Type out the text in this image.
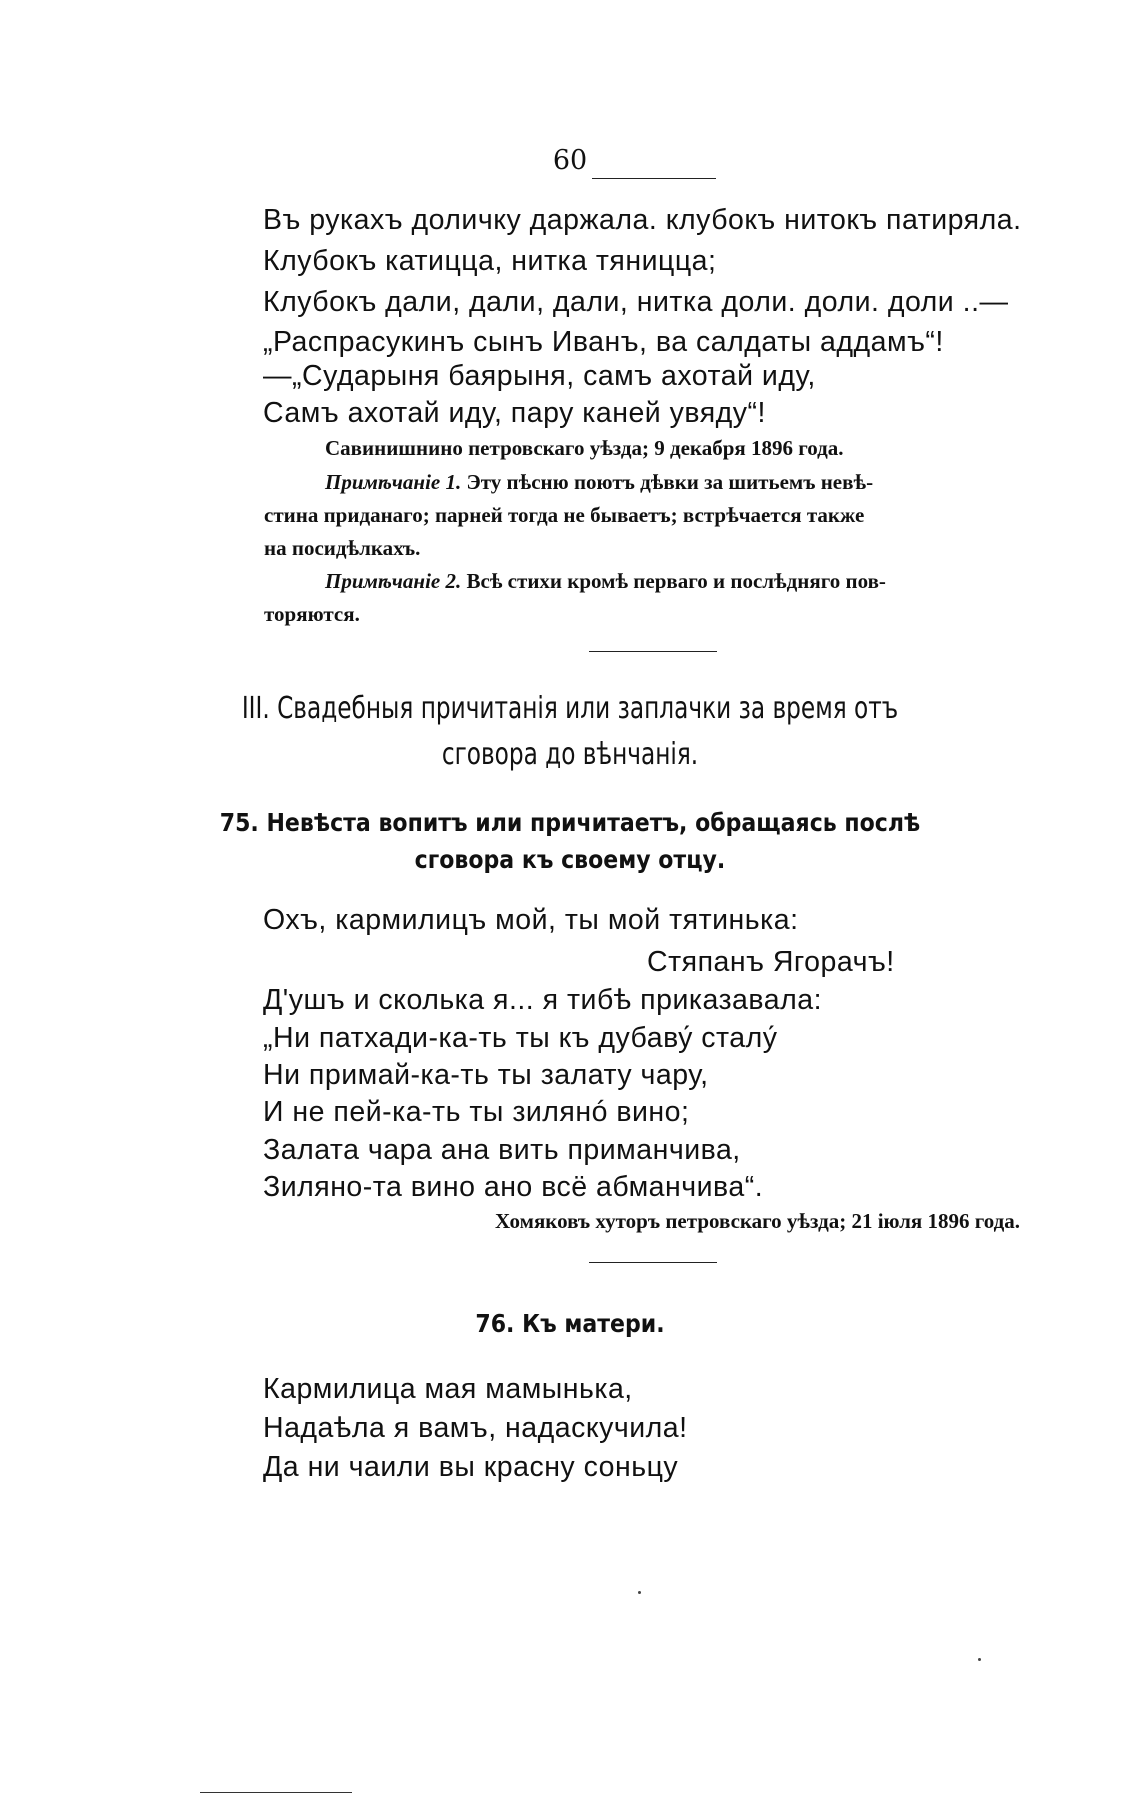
60
Въ рукахъ доличку даржала. клубокъ нитокъ патиряла.
Клубокъ катицца, нитка тяницца;
Клубокъ дали, дали, дали, нитка доли. доли. доли ..—
„Распрасукинъ сынъ Иванъ, ва салдаты аддамъ“!
—„Сударыня баярыня, самъ ахотай иду,
Самъ ахотай иду, пару каней увяду“!
Савинишнино петровскаго уѣзда; 9 декабря 1896 года.
Примѣчаніе 1. Эту пѣсню поютъ дѣвки за шитьемъ невѣ-
стина приданаго; парней тогда не бываетъ; встрѣчается также
на посидѣлкахъ.
Примѣчаніе 2. Всѣ стихи кромѣ перваго и послѣдняго пов-
торяются.
III. Свадебныя причитанія или заплачки за время отъ
сговора до вѣнчанія.
75. Невѣста вопитъ или причитаетъ, обращаясь послѣ
сговора къ своему отцу.
Охъ, кармилицъ мой, ты мой тятинька:
Стяпанъ Ягорачъ!
Д'ушъ и сколька я... я тибѣ приказавала:
„Ни патхади-ка-ть ты къ дубаву́ сталу́
Ни примай-ка-ть ты залату чару,
И не пей-ка-ть ты зилянó вино;
Залата чара ана вить приманчива,
Зиляно-та вино ано всё абманчива“.
Хомяковъ хуторъ петровскаго уѣзда; 21 іюля 1896 года.
76. Къ матери.
Кармилица мая мамынька,
Надаѣла я вамъ, надаскучила!
Да ни чаили вы красну соньцу
